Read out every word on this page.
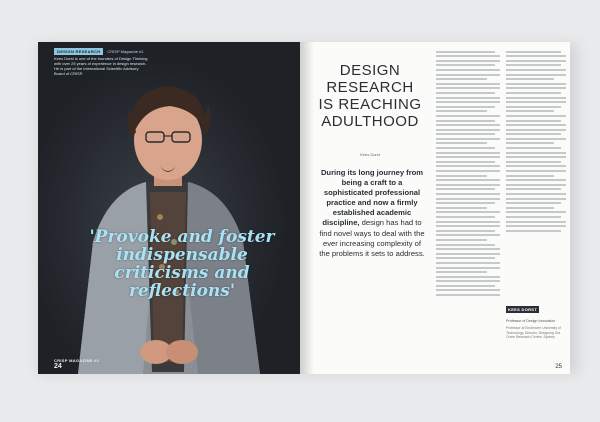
DESIGN RESEARCH	CRISP Magazine #1
Kees Dorst is one of the founders of Design Thinking with over 25 years of experience in design research. He is part of the international Scientific Advisory Board of CRISP.
'Provoke and foster indispensable criticisms and reflections'
CRISP MAGAZINE #1
24
DESIGN
RESEARCH
IS REACHING
ADULTHOOD
Kees Dorst
During its long journey from being a craft to a sophisticated professional practice and now a firmly established academic discipline, design has had to find novel ways to deal with the ever increasing complexity of the problems it sets to address.
KEES DORST
Professor of Design Innovation
Professor at Eindhoven University of Technology; Director, Designing Out Crime Research Centre, Sydney
25
